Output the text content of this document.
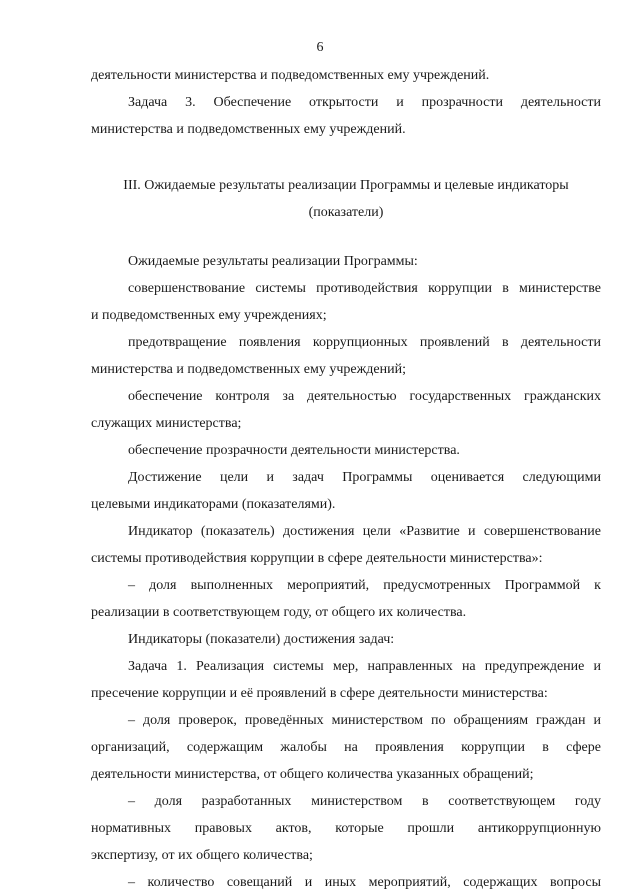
6
деятельности министерства и подведомственных ему учреждений.
Задача 3. Обеспечение открытости и прозрачности деятельности
министерства и подведомственных ему учреждений.
III. Ожидаемые результаты реализации Программы и целевые индикаторы
(показатели)
Ожидаемые результаты реализации Программы:
совершенствование системы противодействия коррупции в министерстве
и подведомственных ему учреждениях;
предотвращение появления коррупционных проявлений в деятельности
министерства и подведомственных ему учреждений;
обеспечение контроля за деятельностью государственных гражданских
служащих министерства;
обеспечение прозрачности деятельности министерства.
Достижение цели и задач Программы оценивается следующими
целевыми индикаторами (показателями).
Индикатор (показатель) достижения цели «Развитие и совершенствование
системы противодействия коррупции в сфере деятельности министерства»:
– доля выполненных мероприятий, предусмотренных Программой к
реализации в соответствующем году, от общего их количества.
Индикаторы (показатели) достижения задач:
Задача 1. Реализация системы мер, направленных на предупреждение и
пресечение коррупции и её проявлений в сфере деятельности министерства:
– доля проверок, проведённых министерством по обращениям граждан и
организаций, содержащим жалобы на проявления коррупции в сфере
деятельности министерства, от общего количества указанных обращений;
– доля разработанных министерством в соответствующем году
нормативных правовых актов, которые прошли антикоррупционную
экспертизу, от их общего количества;
– количество совещаний и иных мероприятий, содержащих вопросы
